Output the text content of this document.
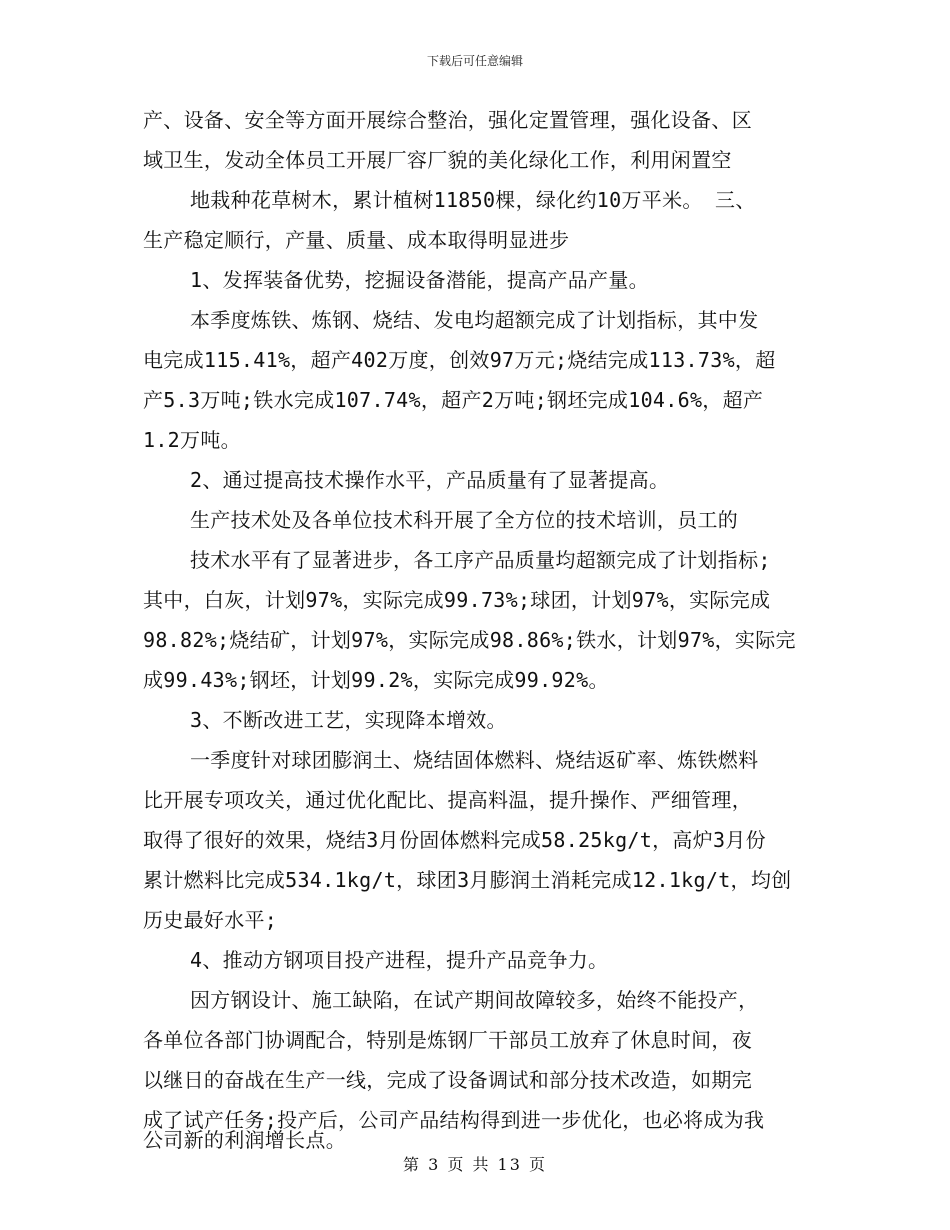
下载后可任意编辑
产、设备、安全等方面开展综合整治，强化定置管理，强化设备、区
域卫生，发动全体员工开展厂容厂貌的美化绿化工作，利用闲置空
地栽种花草树木，累计植树11850棵，绿化约10万平米。 三、
生产稳定顺行，产量、质量、成本取得明显进步
1、发挥装备优势，挖掘设备潜能，提高产品产量。
本季度炼铁、炼钢、烧结、发电均超额完成了计划指标，其中发
电完成115.41%，超产402万度，创效97万元;烧结完成113.73%，超
产5.3万吨;铁水完成107.74%，超产2万吨;钢坯完成104.6%，超产
1.2万吨。
2、通过提高技术操作水平，产品质量有了显著提高。
生产技术处及各单位技术科开展了全方位的技术培训，员工的
技术水平有了显著进步，各工序产品质量均超额完成了计划指标;
其中，白灰，计划97%，实际完成99.73%;球团，计划97%，实际完成
98.82%;烧结矿，计划97%，实际完成98.86%;铁水，计划97%，实际完
成99.43%;钢坯，计划99.2%，实际完成99.92%。
3、不断改进工艺，实现降本增效。
一季度针对球团膨润土、烧结固体燃料、烧结返矿率、炼铁燃料
比开展专项攻关，通过优化配比、提高料温，提升操作、严细管理，
取得了很好的效果，烧结3月份固体燃料完成58.25kg/t，高炉3月份
累计燃料比完成534.1kg/t，球团3月膨润土消耗完成12.1kg/t，均创
历史最好水平;
4、推动方钢项目投产进程，提升产品竞争力。
因方钢设计、施工缺陷，在试产期间故障较多，始终不能投产，
各单位各部门协调配合，特别是炼钢厂干部员工放弃了休息时间，夜
以继日的奋战在生产一线，完成了设备调试和部分技术改造，如期完
成了试产任务;投产后，公司产品结构得到进一步优化，也必将成为我
公司新的利润增长点。
第 3 页 共 13 页
